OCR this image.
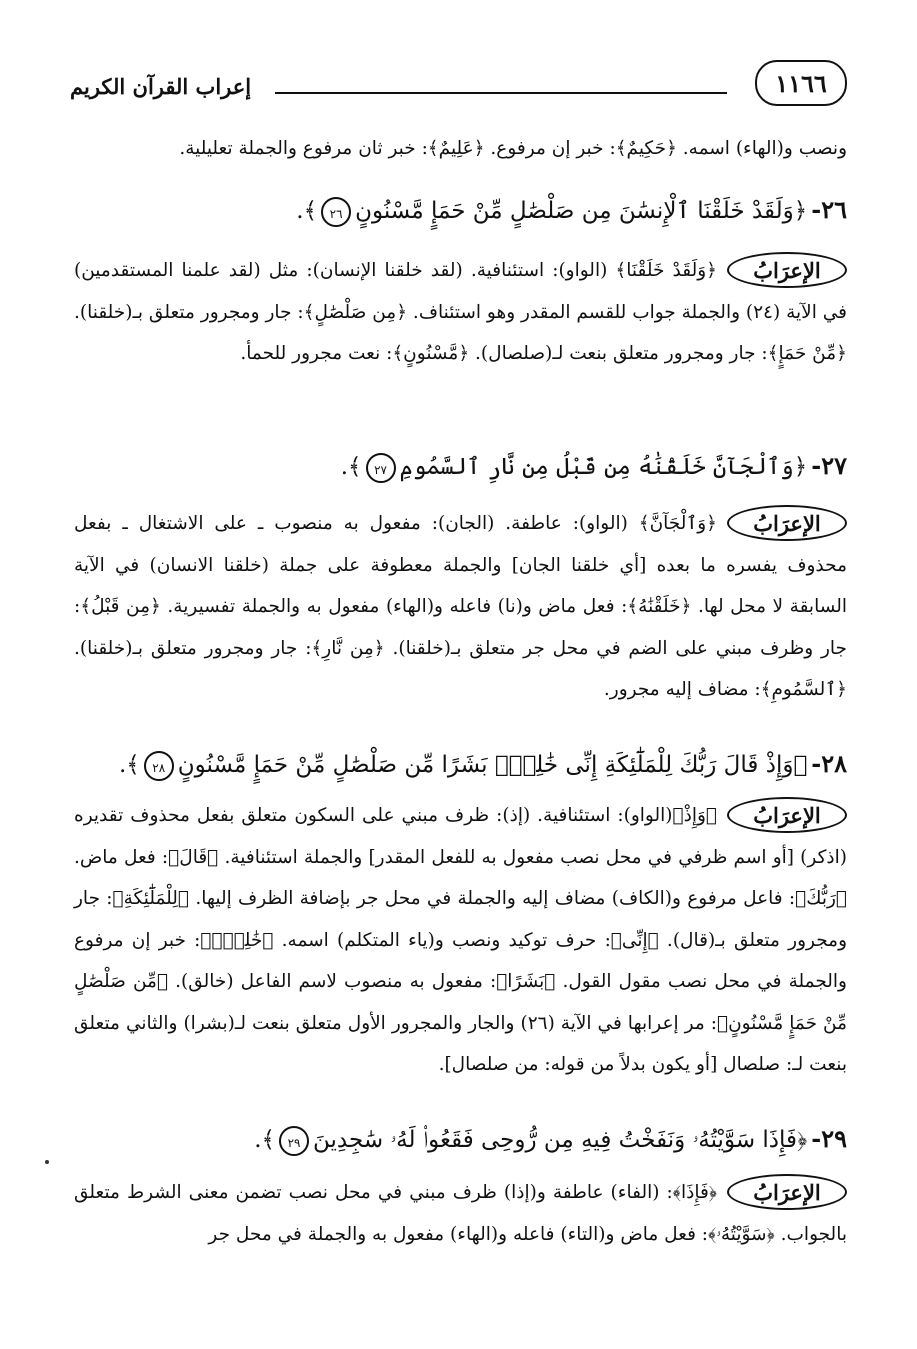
١١٦٦
إعراب القرآن الكريم
ونصب و(الهاء) اسمه. ﴿حَكِيمٌ﴾: خبر إن مرفوع. ﴿عَلِيمٌ﴾: خبر ثان مرفوع والجملة تعليلية.
٢٦-﴿وَلَقَدْ خَلَقْنَا ٱلْإِنسَٰنَ مِن صَلْصَٰلٍ مِّنْ حَمَإٍ مَّسْنُونٍ٢٦﴾.
الإعرَابُ
﴿وَلَقَدْ خَلَقْنَا﴾ (الواو): استئنافية. (لقد خلقنا الإنسان): مثل (لقد علمنا المستقدمين) في الآية (٢٤) والجملة جواب للقسم المقدر وهو استئناف. ﴿مِن صَلْصَٰلٍ﴾: جار ومجرور متعلق بـ(خلقنا). ﴿مِّنْ حَمَإٍ﴾: جار ومجرور متعلق بنعت لـ(صلصال). ﴿مَّسْنُونٍ﴾: نعت مجرور للحمأ.
٢٧-﴿وَٱلْجَآنَّ خَلَقْنَٰهُ مِن قَبْلُ مِن نَّارِ ٱلسَّمُومِ٢٧﴾.
الإعرَابُ
﴿وَٱلْجَآنَّ﴾ (الواو): عاطفة. (الجان): مفعول به منصوب ـ على الاشتغال ـ بفعل محذوف يفسره ما بعده [أي خلقنا الجان] والجملة معطوفة على جملة (خلقنا الانسان) في الآية السابقة لا محل لها. ﴿خَلَقْنَٰهُ﴾: فعل ماض و(نا) فاعله و(الهاء) مفعول به والجملة تفسيرية. ﴿مِن قَبْلُ﴾: جار وظرف مبني على الضم في محل جر متعلق بـ(خلقنا). ﴿مِن نَّارِ﴾: جار ومجرور متعلق بـ(خلقنا). ﴿ٱلسَّمُومِ﴾: مضاف إليه مجرور.
٢٨-﴿وَإِذْ قَالَ رَبُّكَ لِلْمَلَٰٓئِكَةِ إِنِّى خَٰلِقٌۢ بَشَرًا مِّن صَلْصَٰلٍ مِّنْ حَمَإٍ مَّسْنُونٍ٢٨﴾.
الإعرَابُ
﴿وَإِذْ﴾(الواو): استئنافية. (إذ): ظرف مبني على السكون متعلق بفعل محذوف تقديره (اذكر) [أو اسم ظرفي في محل نصب مفعول به للفعل المقدر] والجملة استئنافية. ﴿قَالَ﴾: فعل ماض. ﴿رَبُّكَ﴾: فاعل مرفوع و(الكاف) مضاف إليه والجملة في محل جر بإضافة الظرف إليها. ﴿لِلْمَلَٰٓئِكَةِ﴾: جار ومجرور متعلق بـ(قال). ﴿إِنِّى﴾: حرف توكيد ونصب و(ياء المتكلم) اسمه. ﴿خَٰلِقٌۢ﴾: خبر إن مرفوع والجملة في محل نصب مقول القول. ﴿بَشَرًا﴾: مفعول به منصوب لاسم الفاعل (خالق). ﴿مِّن صَلْصَٰلٍ مِّنْ حَمَإٍ مَّسْنُونٍ﴾: مر إعرابها في الآية (٢٦) والجار والمجرور الأول متعلق بنعت لـ(بشرا) والثاني متعلق بنعت لـ: صلصال [أو يكون بدلاً من قوله: من صلصال].
٢٩-﴿فَإِذَا سَوَّيْتُهُۥ وَنَفَخْتُ فِيهِ مِن رُّوحِى فَقَعُوا۟ لَهُۥ سَٰجِدِينَ٢٩﴾.
الإعرَابُ
﴿فَإِذَا﴾: (الفاء) عاطفة و(إذا) ظرف مبني في محل نصب تضمن معنى الشرط متعلق بالجواب. ﴿سَوَّيْتُهُۥ﴾: فعل ماض و(التاء) فاعله و(الهاء) مفعول به والجملة في محل جر
